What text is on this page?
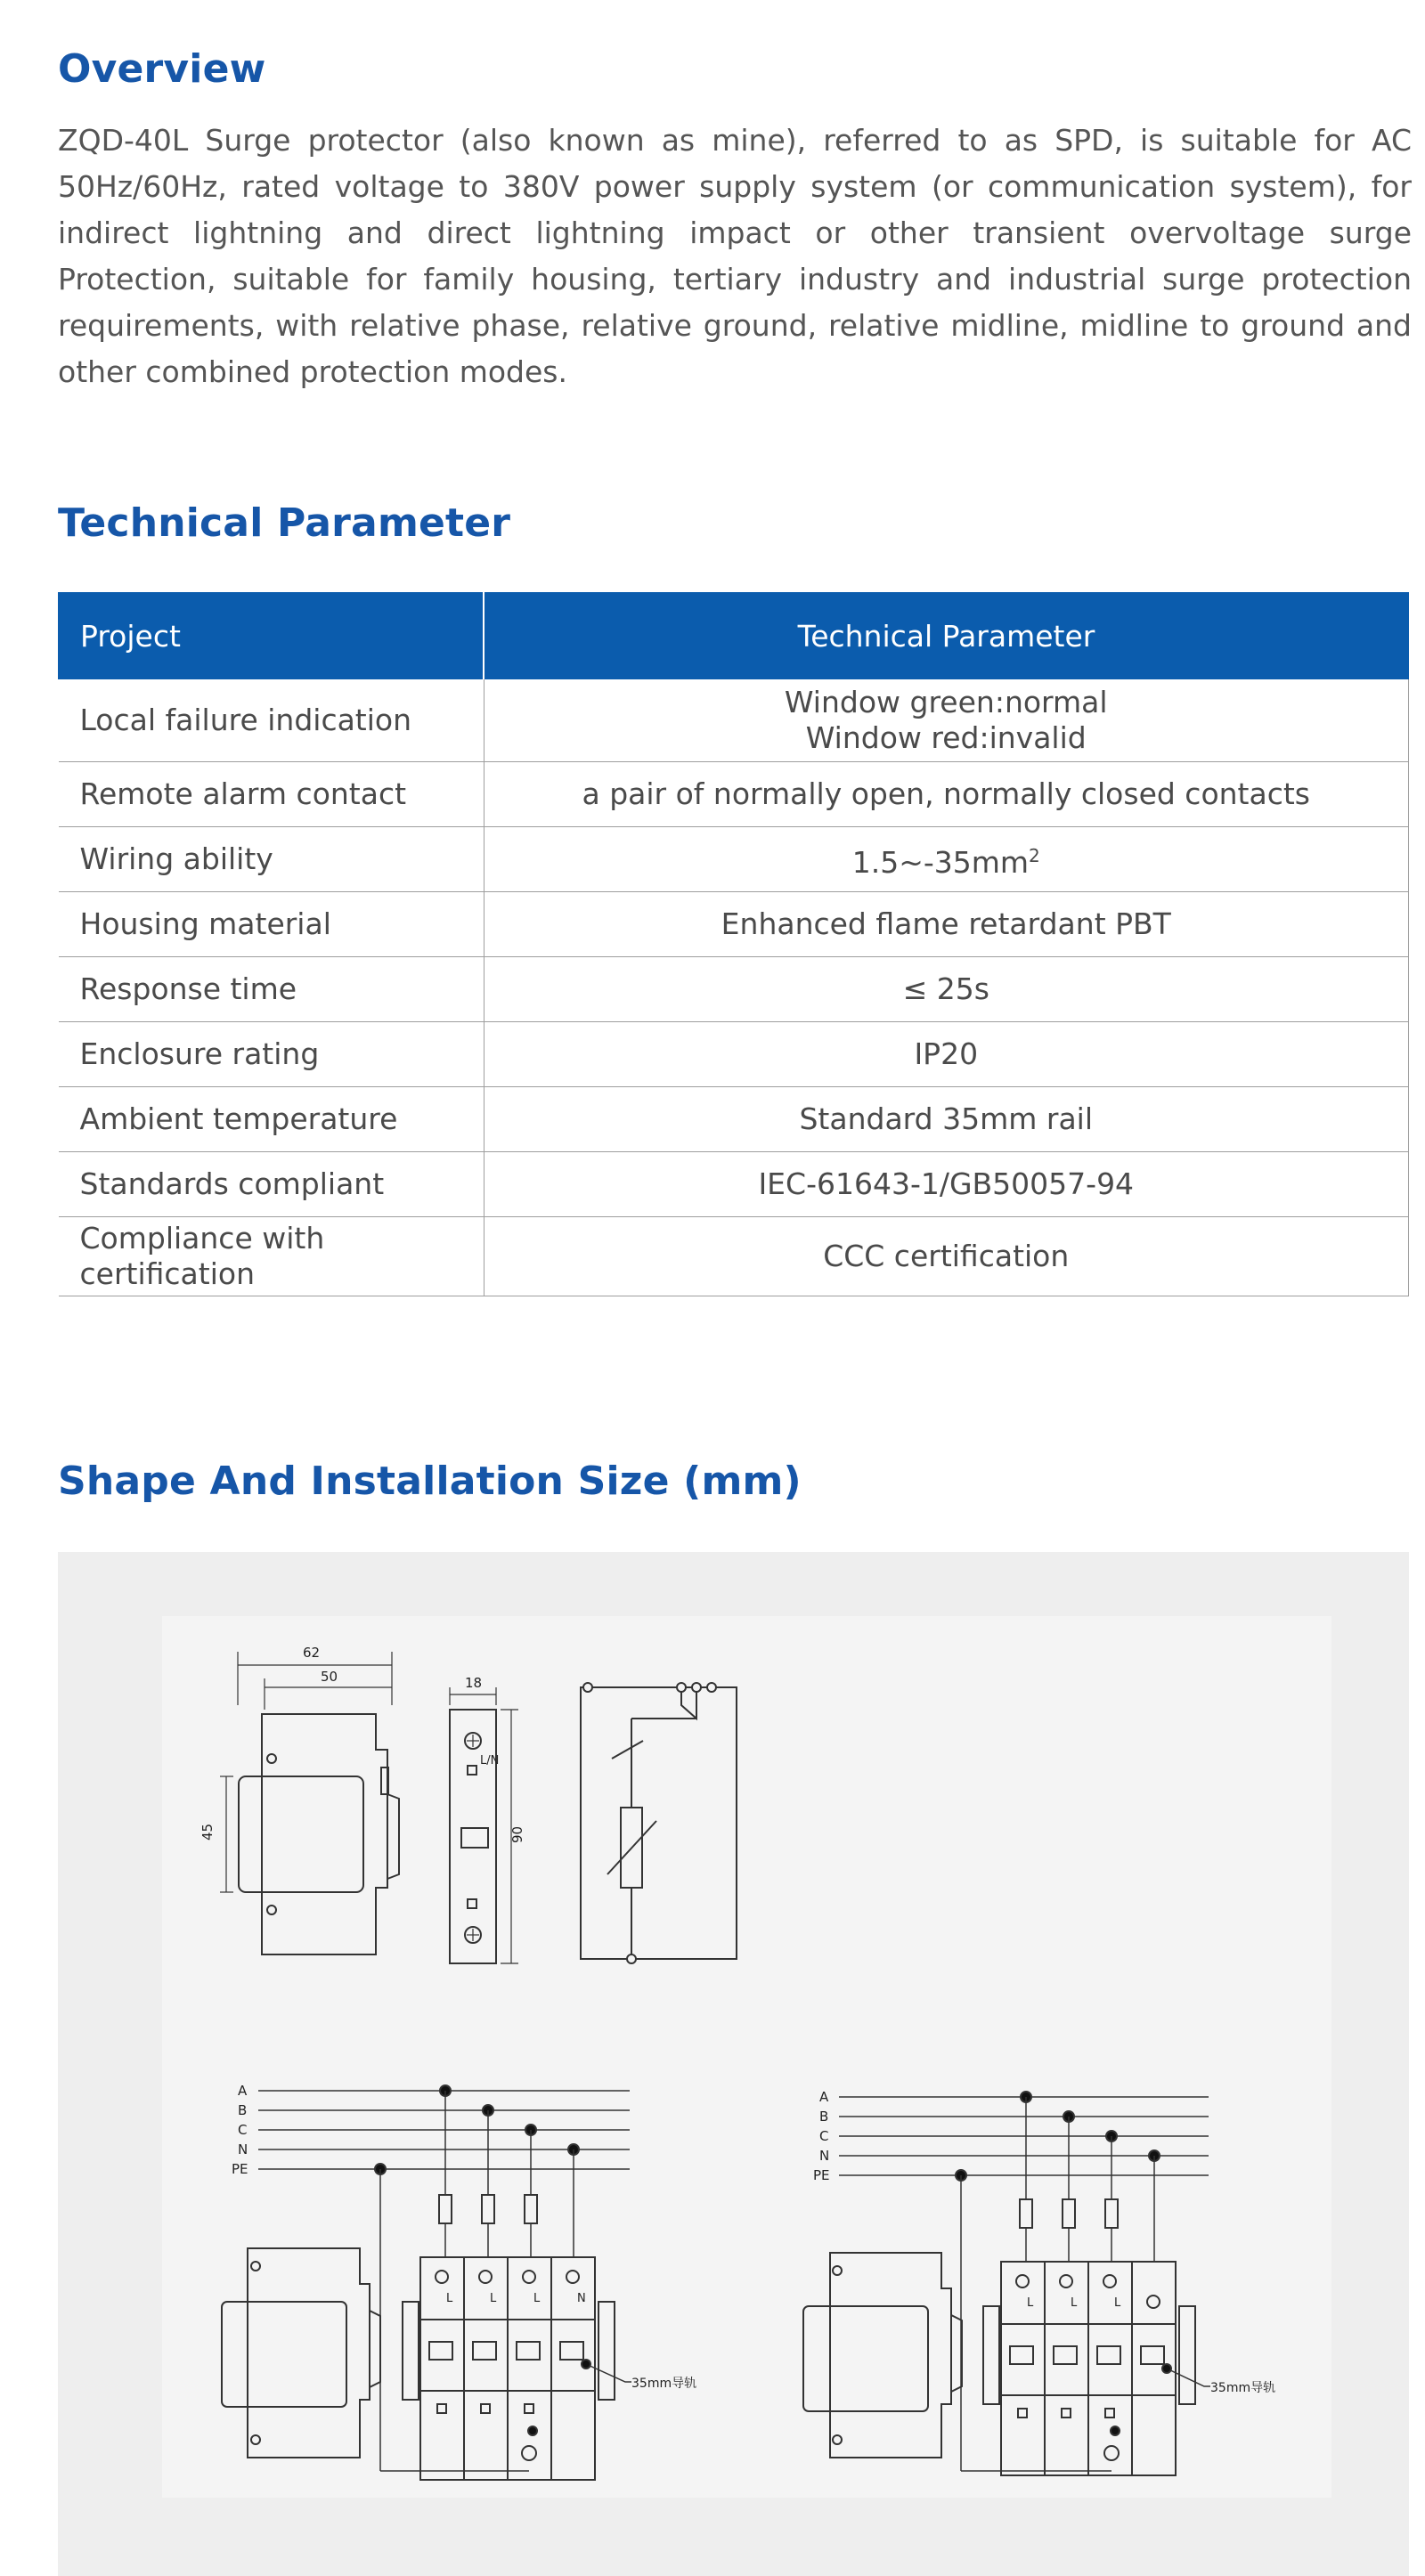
Overview

ZQD-40L Surge protector (also known as mine), referred to as SPD, is suitable for AC 50Hz/60Hz, rated voltage to 380V power supply system (or communication system), for indirect lightning and direct lightning impact or other transient overvoltage surge Protection, suitable for family housing, tertiary industry and industrial surge protection requirements, with relative phase, relative ground, relative midline, midline to ground and other combined protection modes.

Technical Parameter
Project	Technical Parameter
Local failure indication	Window green:normal
Window red:invalid

Remote alarm contact	a pair of normally open, normally closed contacts
Wiring ability	$1.5\sim-35mm^2$
Housing material	Enhanced flame retardant PBT
Response time	≤ 25s
Enclosure rating	IP20
Ambient temperature	Standard 35mm rail
Standards compliant	IEC-61643-1/GB50057-94

Compliance with
certification	CCC certification
Shape And Installation Size (mm)
62
50
45
18
L/N
90
A
B
C
N
PE
L	L	L	N
35mm导轨
A
B
C
N
PE
L	L	L
35mm导轨
